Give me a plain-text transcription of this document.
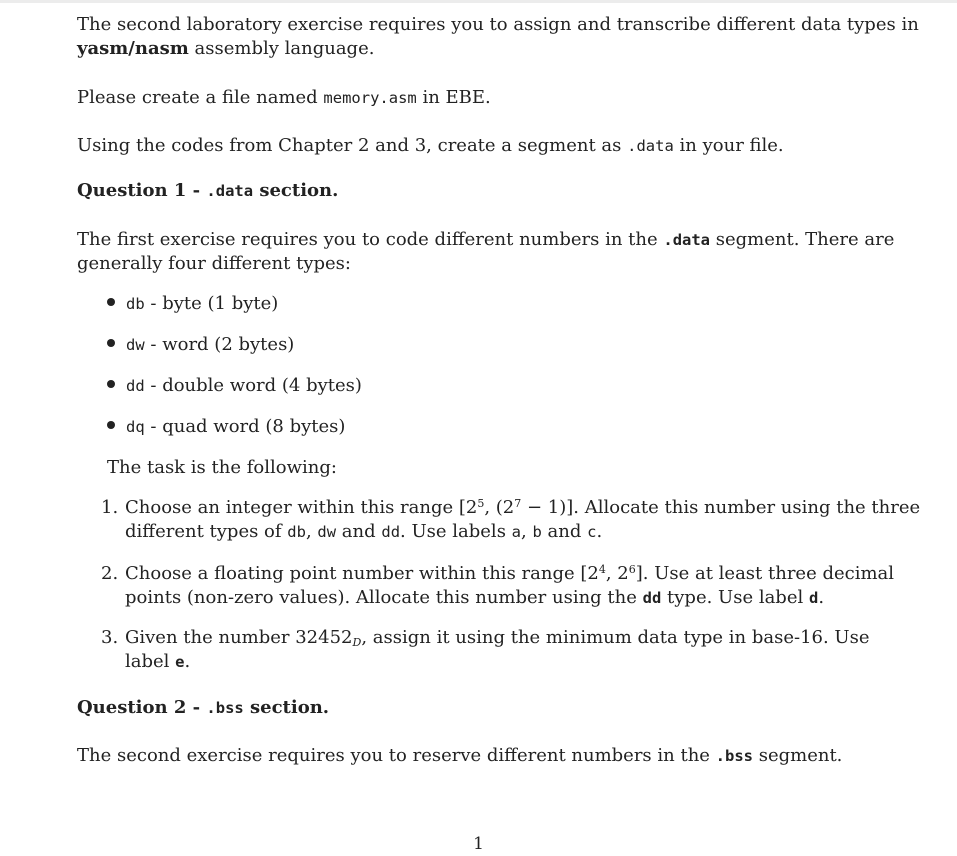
The second laboratory exercise requires you to assign and transcribe different data types in
yasm/nasm assembly language.
Please create a file named memory.asm in EBE.
Using the codes from Chapter 2 and 3, create a segment as .data in your file.
Question 1 - .data section.
The first exercise requires you to code different numbers in the .data segment. There are
generally four different types:
db - byte (1 byte)
dw - word (2 bytes)
dd - double word (4 bytes)
dq - quad word (8 bytes)
The task is the following:
1. Choose an integer within this range [$2^5$, $(2^7 - 1)$]. Allocate this number using the three
different types of db, dw and dd. Use labels a, b and c.
2. Choose a floating point number within this range [$2^4$, $2^6$]. Use at least three decimal
points (non-zero values). Allocate this number using the dd type. Use label d.
3. Given the number $32452_D$, assign it using the minimum data type in base-16. Use
label e.
Question 2 - .bss section.
The second exercise requires you to reserve different numbers in the .bss segment.
1
